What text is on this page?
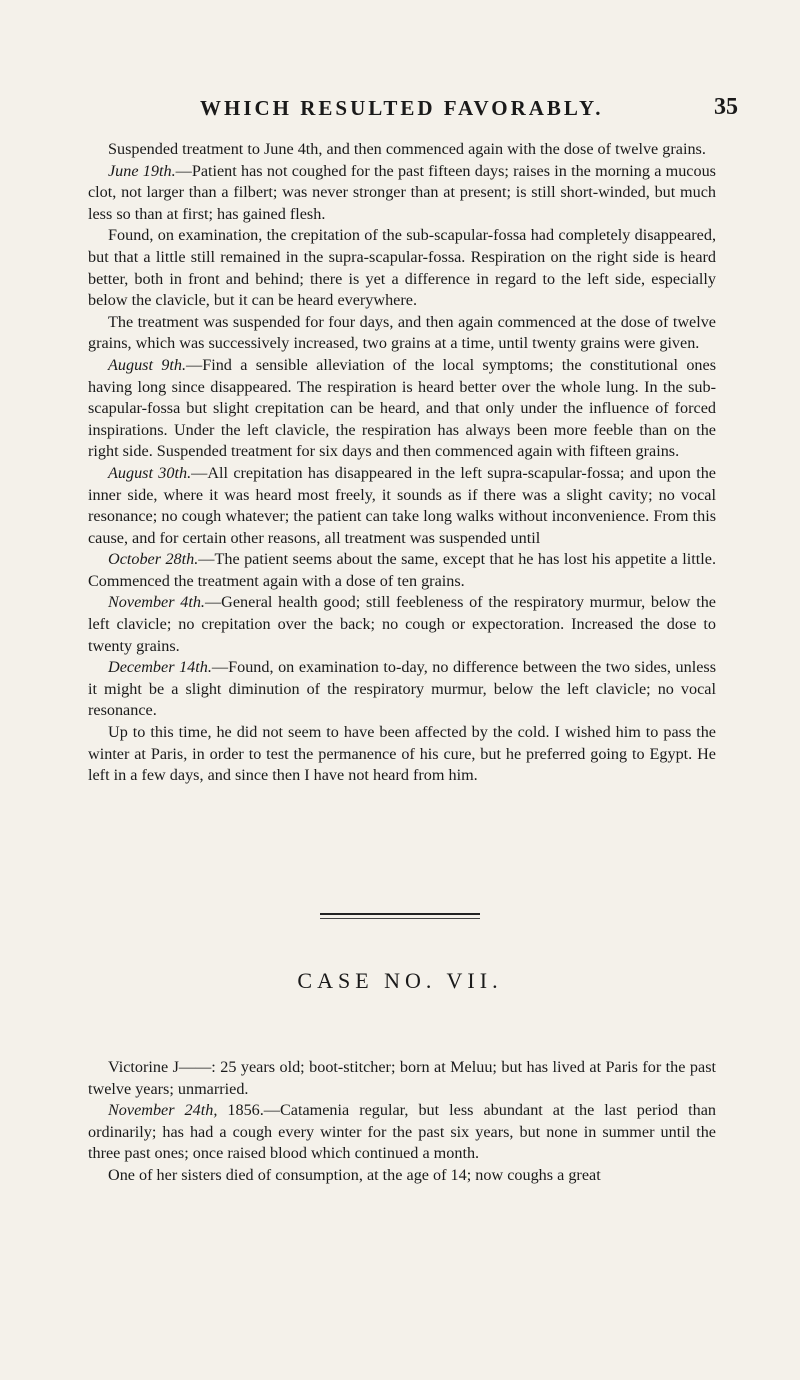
WHICH RESULTED FAVORABLY.	35

Suspended treatment to June 4th, and then commenced again with the dose of twelve grains.

June 19th.—Patient has not coughed for the past fifteen days; raises in the morning a mucous clot, not larger than a filbert; was never stronger than at present; is still short-winded, but much less so than at first; has gained flesh.

Found, on examination, the crepitation of the sub-scapular-fossa had completely disappeared, but that a little still remained in the supra-scapular-fossa. Respiration on the right side is heard better, both in front and behind; there is yet a difference in regard to the left side, especially below the clavicle, but it can be heard everywhere.

The treatment was suspended for four days, and then again commenced at the dose of twelve grains, which was successively increased, two grains at a time, until twenty grains were given.

August 9th.—Find a sensible alleviation of the local symptoms; the constitutional ones having long since disappeared. The respiration is heard better over the whole lung. In the sub-scapular-fossa but slight crepitation can be heard, and that only under the influence of forced inspirations. Under the left clavicle, the respiration has always been more feeble than on the right side. Suspended treatment for six days and then commenced again with fifteen grains.

August 30th.—All crepitation has disappeared in the left supra-scapular-fossa; and upon the inner side, where it was heard most freely, it sounds as if there was a slight cavity; no vocal resonance; no cough whatever; the patient can take long walks without inconvenience. From this cause, and for certain other reasons, all treatment was suspended until

October 28th.—The patient seems about the same, except that he has lost his appetite a little. Commenced the treatment again with a dose of ten grains.

November 4th.—General health good; still feebleness of the respiratory murmur, below the left clavicle; no crepitation over the back; no cough or expectoration. Increased the dose to twenty grains.

December 14th.—Found, on examination to-day, no difference between the two sides, unless it might be a slight diminution of the respiratory murmur, below the left clavicle; no vocal resonance.

Up to this time, he did not seem to have been affected by the cold. I wished him to pass the winter at Paris, in order to test the permanence of his cure, but he preferred going to Egypt. He left in a few days, and since then I have not heard from him.

CASE NO. VII.

Victorine J——: 25 years old; boot-stitcher; born at Meluu; but has lived at Paris for the past twelve years; unmarried.

November 24th, 1856.—Catamenia regular, but less abundant at the last period than ordinarily; has had a cough every winter for the past six years, but none in summer until the three past ones; once raised blood which continued a month.

One of her sisters died of consumption, at the age of 14; now coughs a great
